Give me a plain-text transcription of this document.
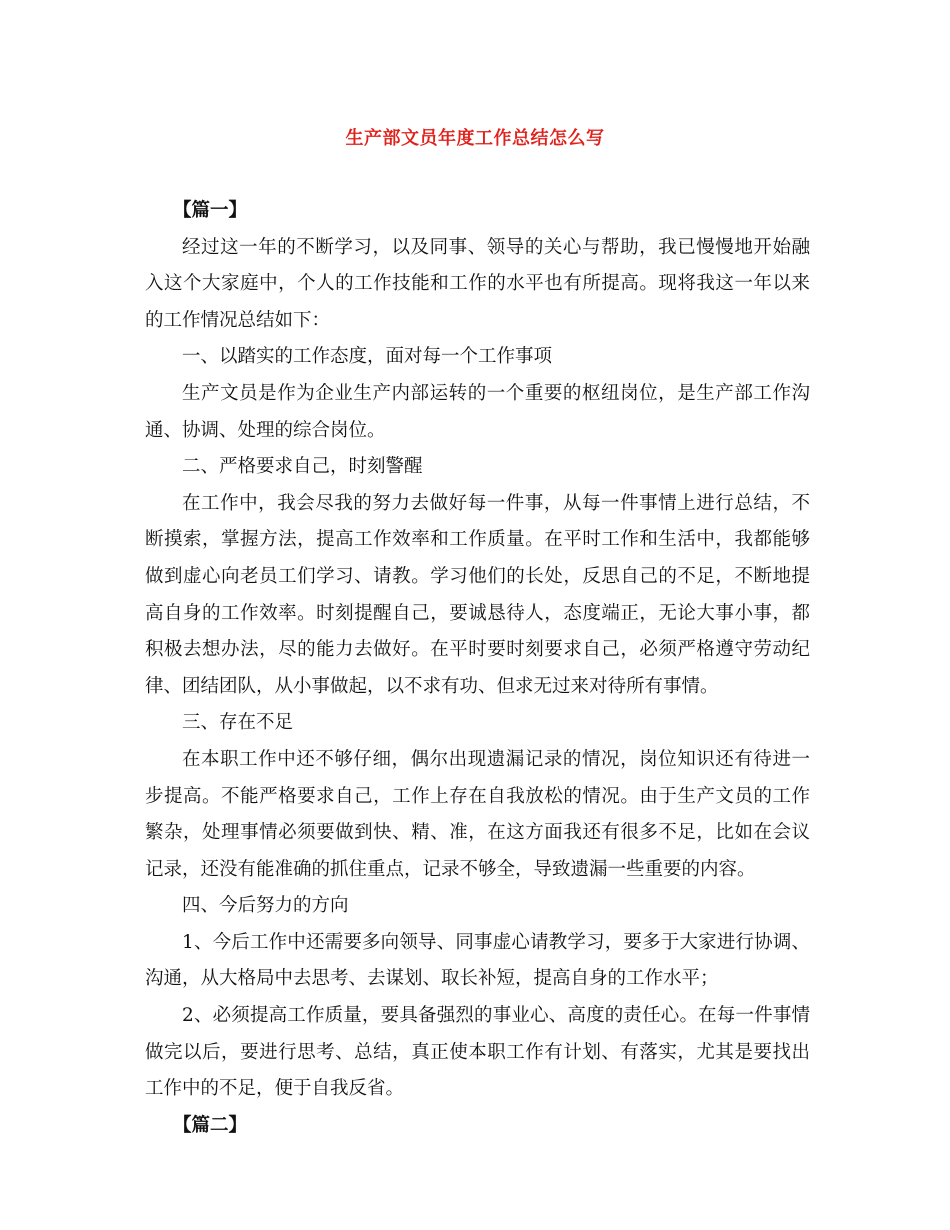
生产部文员年度工作总结怎么写

【篇一】

经过这一年的不断学习，以及同事、领导的关心与帮助，我已慢慢地开始融入这个大家庭中，个人的工作技能和工作的水平也有所提高。现将我这一年以来的工作情况总结如下：

一、以踏实的工作态度，面对每一个工作事项

生产文员是作为企业生产内部运转的一个重要的枢纽岗位，是生产部工作沟通、协调、处理的综合岗位。

二、严格要求自己，时刻警醒

在工作中，我会尽我的努力去做好每一件事，从每一件事情上进行总结，不断摸索，掌握方法，提高工作效率和工作质量。在平时工作和生活中，我都能够做到虚心向老员工们学习、请教。学习他们的长处，反思自己的不足，不断地提高自身的工作效率。时刻提醒自己，要诚恳待人，态度端正，无论大事小事，都积极去想办法，尽的能力去做好。在平时要时刻要求自己，必须严格遵守劳动纪律、团结团队，从小事做起，以不求有功、但求无过来对待所有事情。

三、存在不足

在本职工作中还不够仔细，偶尔出现遗漏记录的情况，岗位知识还有待进一步提高。不能严格要求自己，工作上存在自我放松的情况。由于生产文员的工作繁杂，处理事情必须要做到快、精、准，在这方面我还有很多不足，比如在会议记录，还没有能准确的抓住重点，记录不够全，导致遗漏一些重要的内容。

四、今后努力的方向

1、今后工作中还需要多向领导、同事虚心请教学习，要多于大家进行协调、沟通，从大格局中去思考、去谋划、取长补短，提高自身的工作水平；

2、必须提高工作质量，要具备强烈的事业心、高度的责任心。在每一件事情做完以后，要进行思考、总结，真正使本职工作有计划、有落实，尤其是要找出工作中的不足，便于自我反省。

【篇二】
